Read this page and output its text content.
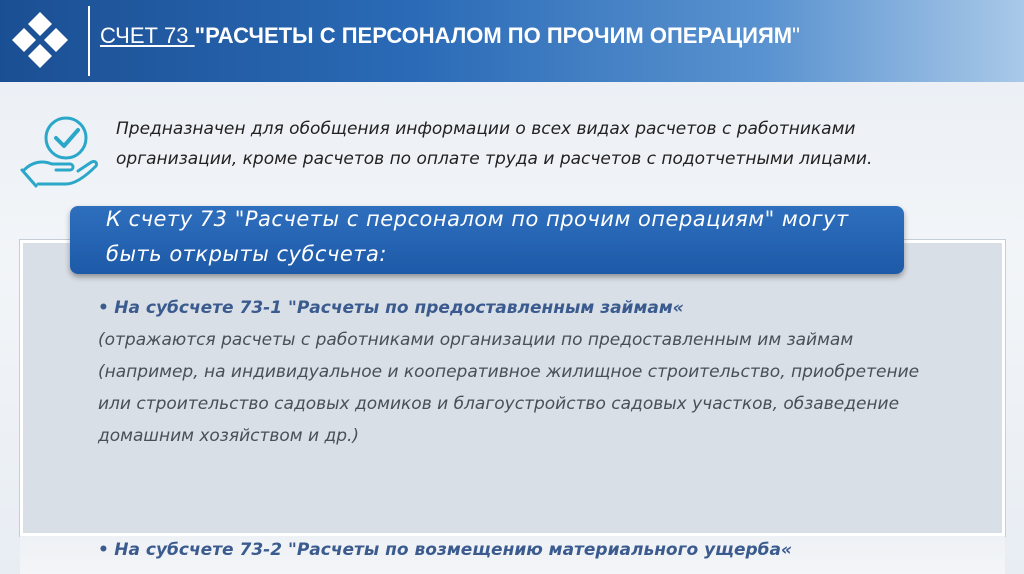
СЧЕТ 73 "РАСЧЕТЫ С ПЕРСОНАЛОМ ПО ПРОЧИМ ОПЕРАЦИЯМ"
Предназначен для обобщения информации о всех видах расчетов с работниками организации, кроме расчетов по оплате труда и расчетов с подотчетными лицами.
К счету 73 "Расчеты с персоналом по прочим операциям" могут быть открыты субсчета:
• На субсчете 73-1 "Расчеты по предоставленным займам«
(отражаются расчеты с работниками организации по предоставленным им займам (например, на индивидуальное и кооперативное жилищное строительство, приобретение или строительство садовых домиков и благоустройство садовых участков, обзаведение домашним хозяйством и др.)
• На субсчете 73-2 "Расчеты по возмещению материального ущерба«
